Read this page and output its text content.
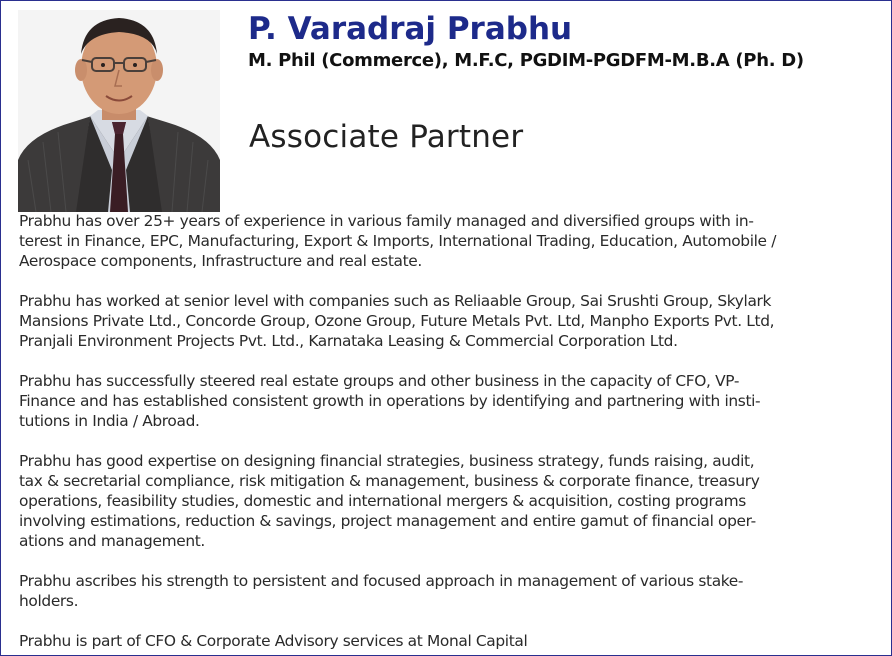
P. Varadraj Prabhu
M. Phil (Commerce), M.F.C, PGDIM-PGDFM-M.B.A (Ph. D)
Associate Partner

Prabhu has over 25+ years of experience in various family managed and diversified groups with in-
terest in Finance, EPC, Manufacturing, Export & Imports, International Trading, Education, Automobile /
Aerospace components, Infrastructure and real estate.

Prabhu has worked at senior level with companies such as Reliaable Group, Sai Srushti Group, Skylark
Mansions Private Ltd., Concorde Group, Ozone Group, Future Metals Pvt. Ltd, Manpho Exports Pvt. Ltd,
Pranjali Environment Projects Pvt. Ltd., Karnataka Leasing & Commercial Corporation Ltd.

Prabhu has successfully steered real estate groups and other business in the capacity of CFO, VP-
Finance and has established consistent growth in operations by identifying and partnering with insti-
tutions in India / Abroad.

Prabhu has good expertise on designing financial strategies, business strategy, funds raising, audit,
tax & secretarial compliance, risk mitigation & management, business & corporate finance, treasury
operations, feasibility studies, domestic and international mergers & acquisition, costing programs
involving estimations, reduction & savings, project management and entire gamut of financial oper-
ations and management.

Prabhu ascribes his strength to persistent and focused approach in management of various stake-
holders.

Prabhu is part of CFO & Corporate Advisory services at Monal Capital
